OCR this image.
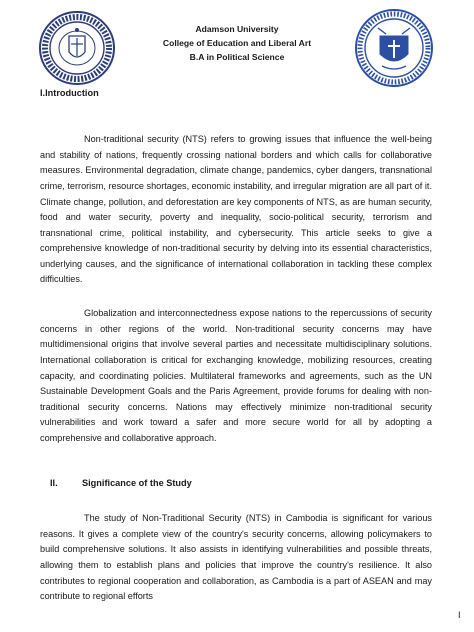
Adamson University
College of Education and Liberal Art
B.A in Political Science
I.Introduction

Non-traditional security (NTS) refers to growing issues that influence the well-being and stability of nations, frequently crossing national borders and which calls for collaborative measures. Environmental degradation, climate change, pandemics, cyber dangers, transnational crime, terrorism, resource shortages, economic instability, and irregular migration are all part of it. Climate change, pollution, and deforestation are key components of NTS, as are human security, food and water security, poverty and inequality, socio-political security, terrorism and transnational crime, political instability, and cybersecurity. This article seeks to give a comprehensive knowledge of non-traditional security by delving into its essential characteristics, underlying causes, and the significance of international collaboration in tackling these complex difficulties.

Globalization and interconnectedness expose nations to the repercussions of security concerns in other regions of the world. Non-traditional security concerns may have multidimensional origins that involve several parties and necessitate multidisciplinary solutions. International collaboration is critical for exchanging knowledge, mobilizing resources, creating capacity, and coordinating policies. Multilateral frameworks and agreements, such as the UN Sustainable Development Goals and the Paris Agreement, provide forums for dealing with non-traditional security concerns. Nations may effectively minimize non-traditional security vulnerabilities and work toward a safer and more secure world for all by adopting a comprehensive and collaborative approach.

II.	Significance of the Study

The study of Non-Traditional Security (NTS) in Cambodia is significant for various reasons. It gives a complete view of the country's security concerns, allowing policymakers to build comprehensive solutions. It also assists in identifying vulnerabilities and possible threats, allowing them to establish plans and policies that improve the country's resilience. It also contributes to regional cooperation and collaboration, as Cambodia is a part of ASEAN and may contribute to regional efforts

I
